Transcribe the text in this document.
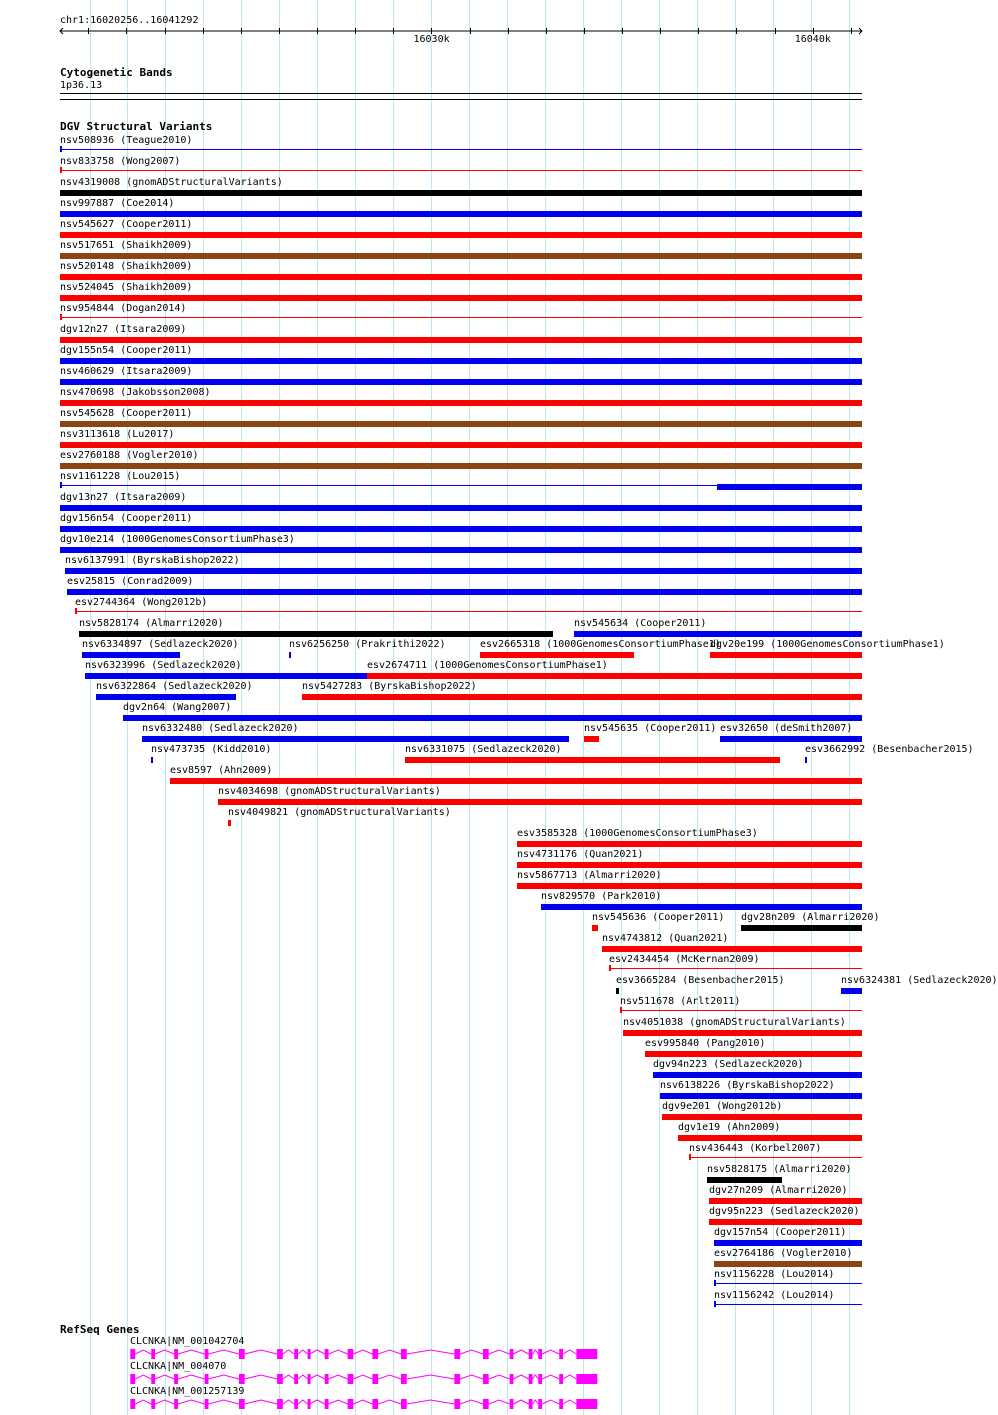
chr1:16020256..16041292
Cytogenetic Bands
1p36.13
DGV Structural Variants
nsv508936 (Teague2010)
nsv833758 (Wong2007)
nsv4319008 (gnomADStructuralVariants)
nsv997887 (Coe2014)
nsv545627 (Cooper2011)
nsv517651 (Shaikh2009)
nsv520148 (Shaikh2009)
nsv524045 (Shaikh2009)
nsv954844 (Dogan2014)
dgv12n27 (Itsara2009)
dgv155n54 (Cooper2011)
nsv460629 (Itsara2009)
nsv470698 (Jakobsson2008)
nsv545628 (Cooper2011)
nsv3113618 (Lu2017)
esv2760188 (Vogler2010)
nsv1161228 (Lou2015)
dgv13n27 (Itsara2009)
dgv156n54 (Cooper2011)
dgv10e214 (1000GenomesConsortiumPhase3)
nsv6137991 (ByrskaBishop2022)
esv25815 (Conrad2009)
esv2744364 (Wong2012b)
nsv5828174 (Almarri2020)	nsv545634 (Cooper2011)
nsv6334897 (Sedlazeck2020)	nsv6256250 (Prakrithi2022)	esv2665318 (1000GenomesConsortiumPhase1)
dgv20e199 (1000GenomesConsortiumPhase1)
nsv6323996 (Sedlazeck2020)	esv2674711 (1000GenomesConsortiumPhase1)
nsv6322864 (Sedlazeck2020)	nsv5427283 (ByrskaBishop2022)
dgv2n64 (Wang2007)
nsv6332480 (Sedlazeck2020)	nsv545635 (Cooper2011) esv32650 (deSmith2007)
nsv473735 (Kidd2010)	nsv6331075 (Sedlazeck2020)	esv3662992 (Besenbacher2015)
esv8597 (Ahn2009)
nsv4034698 (gnomADStructuralVariants)
nsv4049821 (gnomADStructuralVariants)
esv3585328 (1000GenomesConsortiumPhase3)
nsv4731176 (Quan2021)
nsv5867713 (Almarri2020)
nsv829570 (Park2010)
nsv545636 (Cooper2011) dgv28n209 (Almarri2020)
nsv4743812 (Quan2021)
esv2434454 (McKernan2009)
esv3665284 (Besenbacher2015)	nsv6324381 (Sedlazeck2020)
nsv511678 (Arlt2011)
nsv4051038 (gnomADStructuralVariants)
esv995840 (Pang2010)
dgv94n223 (Sedlazeck2020)
nsv6138226 (ByrskaBishop2022)
dgv9e201 (Wong2012b)
dgv1e19 (Ahn2009)
nsv436443 (Korbel2007)
nsv5828175 (Almarri2020)
dgv27n209 (Almarri2020)
dgv95n223 (Sedlazeck2020)
dgv157n54 (Cooper2011)
esv2764186 (Vogler2010)
nsv1156228 (Lou2014)
nsv1156242 (Lou2014)
RefSeq Genes
CLCNKA|NM_001042704
CLCNKA|NM_004070
CLCNKA|NM_001257139
16030k	16040k
